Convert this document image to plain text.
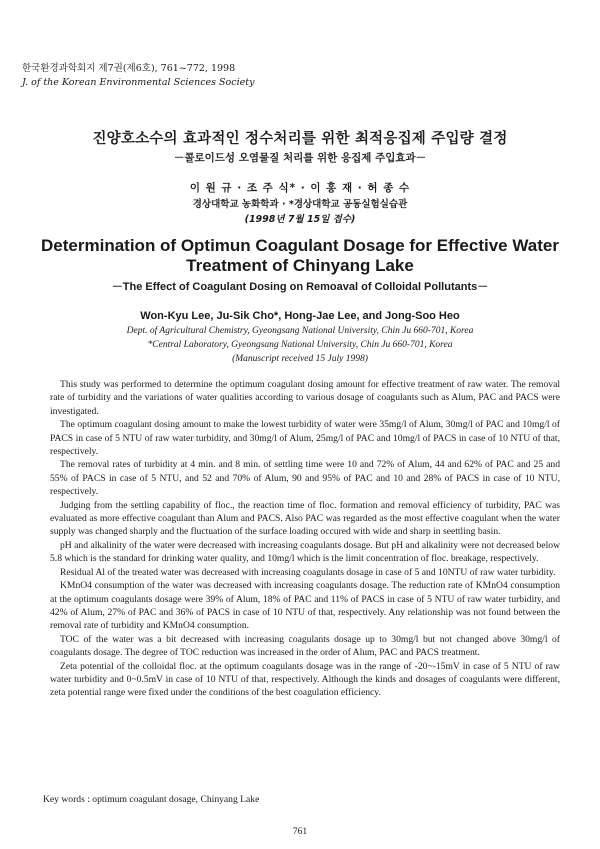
한국환경과학회지 제7권(제6호), 761~772, 1998
J. of the Korean Environmental Sciences Society
진양호소수의 효과적인 정수처리를 위한 최적응집제 주입량 결정
－콜로이드성 오염물질 처리를 위한 응집제 주입효과－
이 원 규 · 조 주 식* · 이 홍 재 · 허 종 수
경상대학교 농화학과 · *경상대학교 공동실험실습관
(1998년 7월 15일 접수)
Determination of Optimun Coagulant Dosage for Effective Water
Treatment of Chinyang Lake
－The Effect of Coagulant Dosing on Remoaval of Colloidal Pollutants－
Won-Kyu Lee, Ju-Sik Cho*, Hong-Jae Lee, and Jong-Soo Heo
Dept. of Agricultural Chemistry, Gyeongsang National University, Chin Ju 660-701, Korea
*Central Laboratory, Gyeongsang National University, Chin Ju 660-701, Korea
(Manuscript received 15 July 1998)

This study was performed to determine the optimum coagulant dosing amount for effective treatment of raw water. The removal rate of turbidity and the variations of water qualities according to various dosage of coagulants such as Alum, PAC and PACS were investigated.

The optimum coagulant dosing amount to make the lowest turbidity of water were 35mg/l of Alum, 30mg/l of PAC and 10mg/l of PACS in case of 5 NTU of raw water turbidity, and 30mg/l of Alum, 25mg/l of PAC and 10mg/l of PACS in case of 10 NTU of that, respectively.

The removal rates of turbidity at 4 min. and 8 min. of settling time were 10 and 72% of Alum, 44 and 62% of PAC and 25 and 55% of PACS in case of 5 NTU, and 52 and 70% of Alum, 90 and 95% of PAC and 10 and 28% of PACS in case of 10 NTU, respectively.

Judging from the settling capability of floc., the reaction time of floc. formation and removal efficiency of turbidity, PAC was evaluated as more effective coagulant than Alum and PACS. Also PAC was regarded as the most effective coagulant when the water supply was changed sharply and the fluctuation of the surface loading occured with wide and sharp in seettling basin.

pH and alkalinity of the water were decreased with increasing coagulants dosage. But pH and alkalinity were not decreased below 5.8 which is the standard for drinking water quality, and 10mg/l which is the limit concentration of floc. breakage, respectively.

Residual Al of the treated water was decreased with increasing coagulants dosage in case of 5 and 10NTU of raw water turbidity.

KMnO4 consumption of the water was decreased with increasing coagulants dosage. The reduction rate of KMnO4 consumption at the optimum coagulants dosage were 39% of Alum, 18% of PAC and 11% of PACS in case of 5 NTU of raw water turbidity, and 42% of Alum, 27% of PAC and 36% of PACS in case of 10 NTU of that, respectively. Any relationship was not found between the removal rate of turbidity and KMnO4 consumption.

TOC of the water was a bit decreased with increasing coagulants dosage up to 30mg/l but not changed above 30mg/l of coagulants dosage. The degree of TOC reduction was increased in the order of Alum, PAC and PACS treatment.

Zeta potential of the colloidal floc. at the optimum coagulants dosage was in the range of -20~-15mV in case of 5 NTU of raw water turbidity and 0~0.5mV in case of 10 NTU of that, respectively. Although the kinds and dosages of coagulants were different, zeta potential range were fixed under the conditions of the best coagulation efficiency.

Key words : optimum coagulant dosage, Chinyang Lake
761
